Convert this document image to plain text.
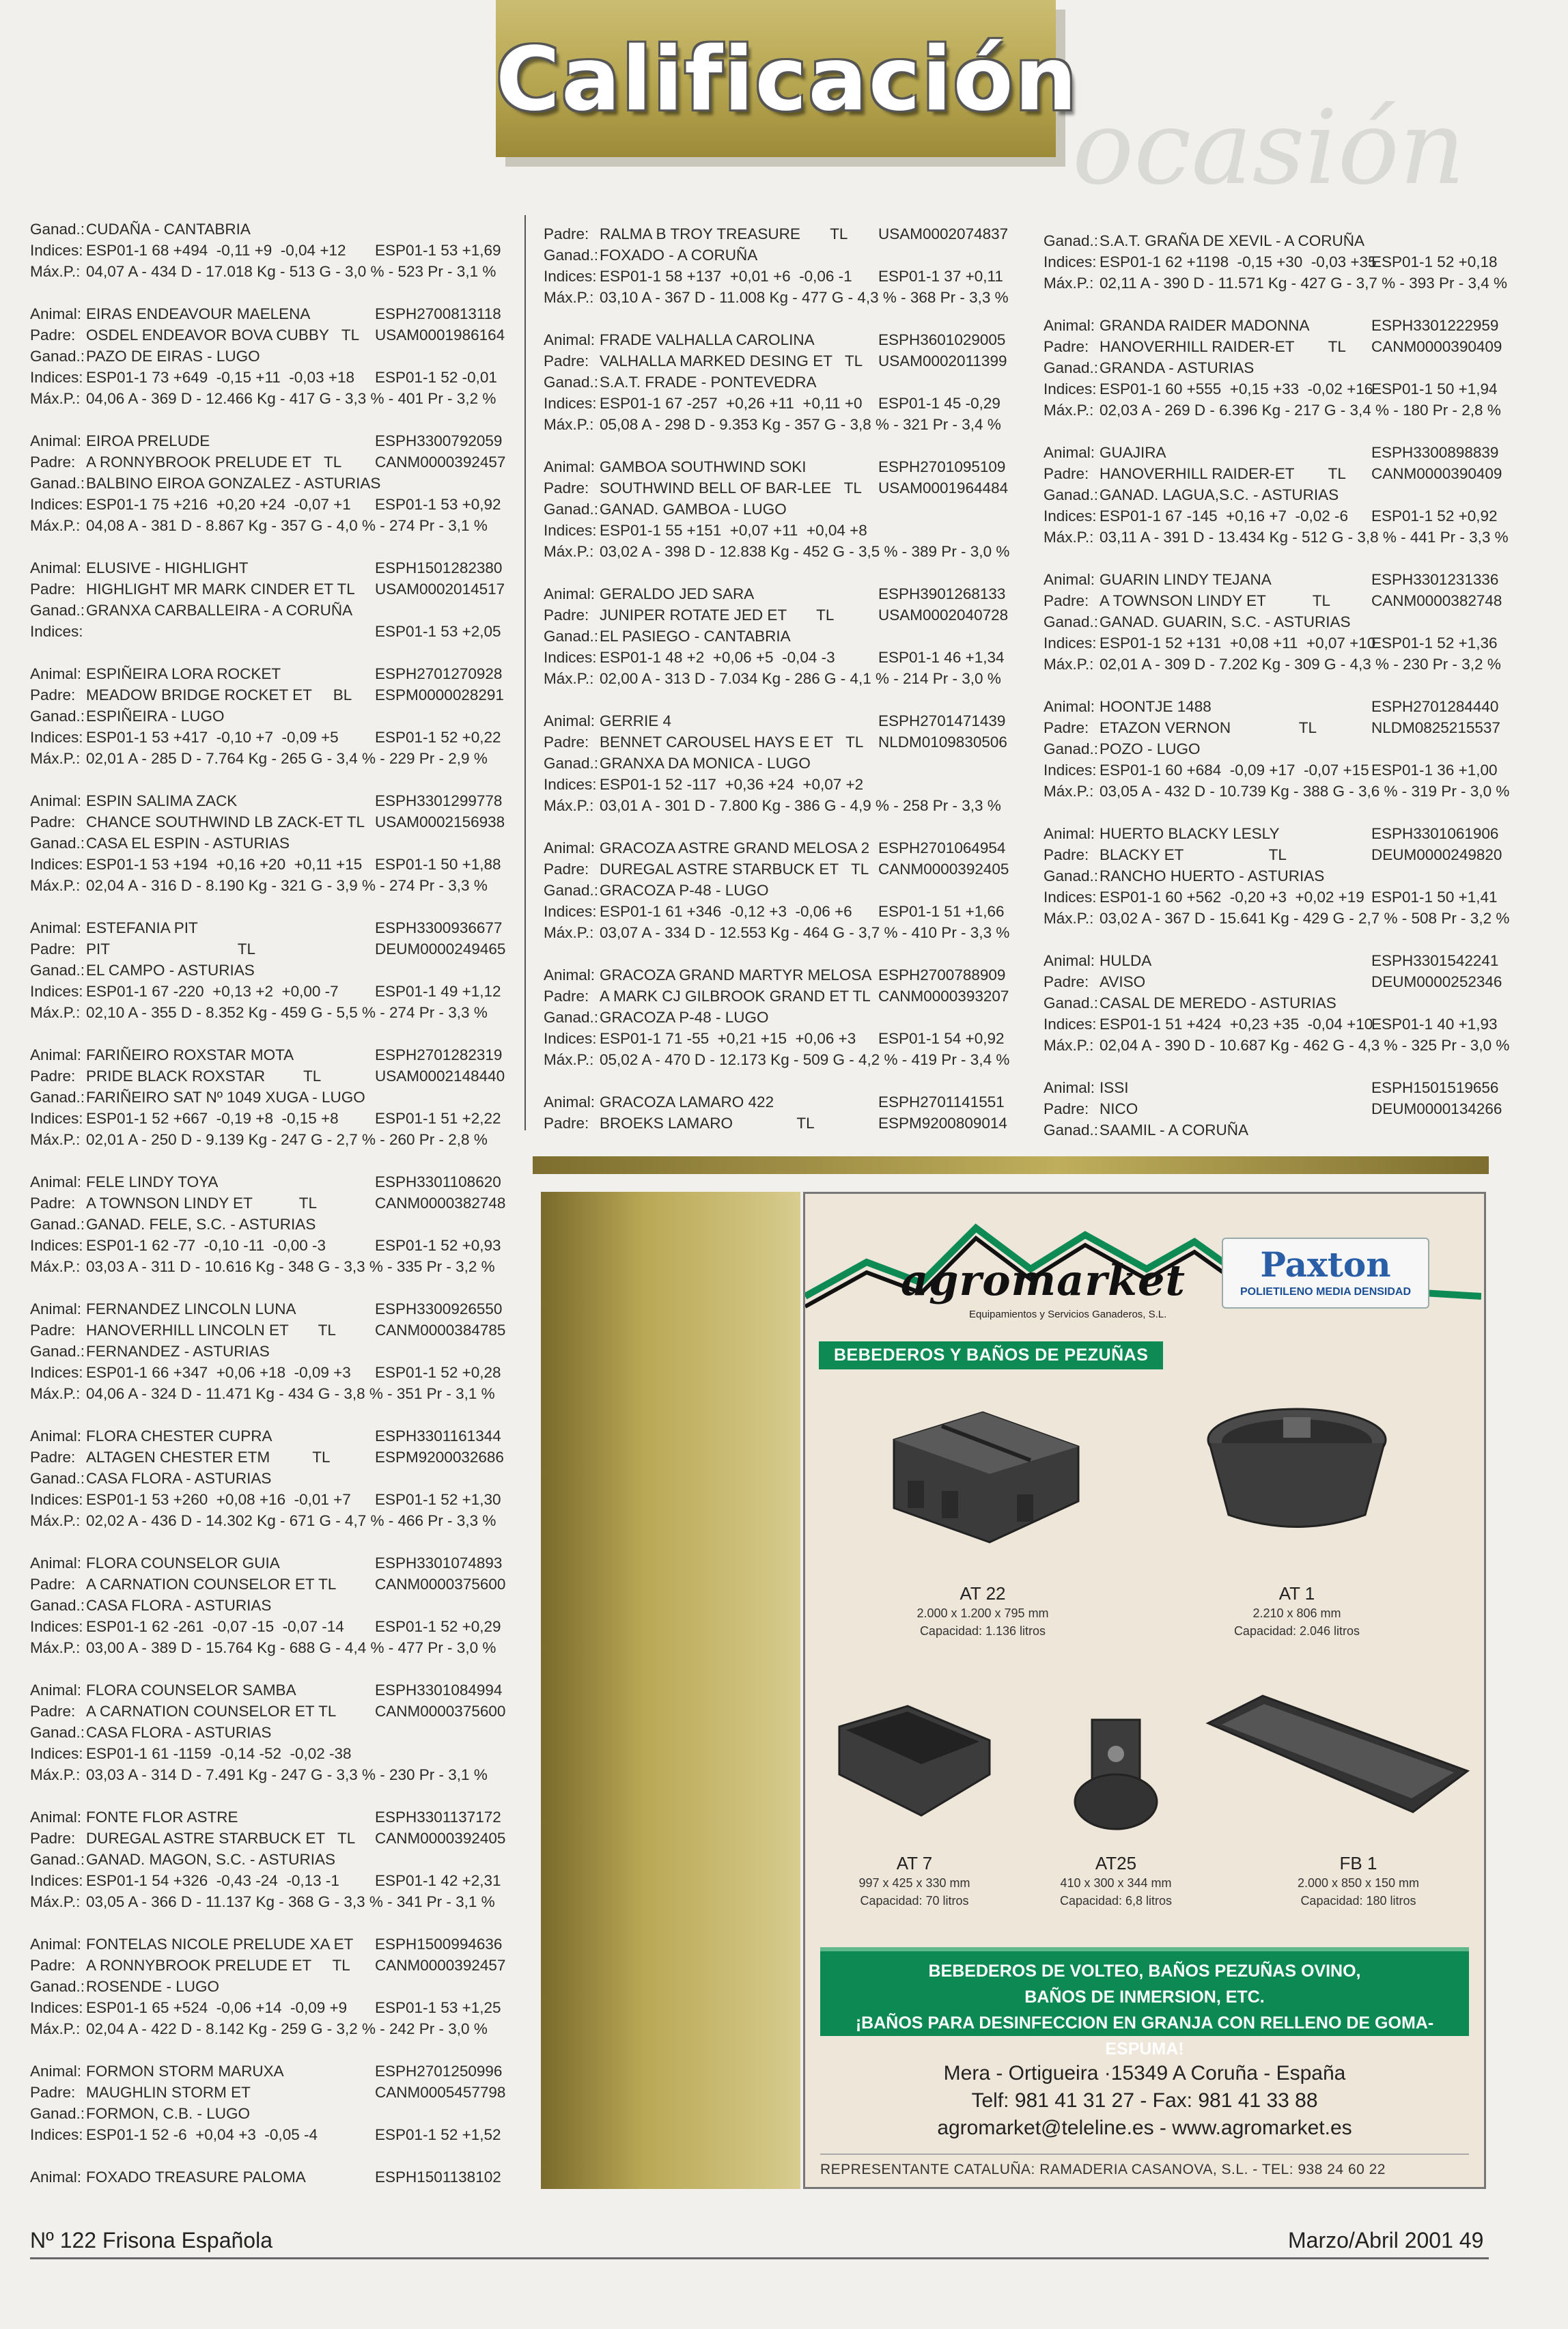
Calificación
ocasión
Ganad.: CUDAÑA - CANTABRIA
Indices: ESP01-1 68 +494  -0,11 +9  -0,04 +12 ESP01-1 53 +1,69
Máx.P.: 04,07 A - 434 D - 17.018 Kg - 513 G - 3,0 % - 523 Pr - 3,1 %
Animal: EIRAS ENDEAVOUR MAELENA	ESPH2700813118
Padre: OSDEL ENDEAVOR BOVA CUBBY   TL USAM0001986164
Ganad.: PAZO DE EIRAS - LUGO
Indices: ESP01-1 73 +649  -0,15 +11  -0,03 +18 ESP01-1 52 -0,01
Máx.P.: 04,06 A - 369 D - 12.466 Kg - 417 G - 3,3 % - 401 Pr - 3,2 %
Animal: EIROA PRELUDE	ESPH3300792059
Padre: A RONNYBROOK PRELUDE ET   TL CANM0000392457
Ganad.: BALBINO EIROA GONZALEZ - ASTURIAS
Indices: ESP01-1 75 +216  +0,20 +24  -0,07 +1 ESP01-1 53 +0,92
Máx.P.: 04,08 A - 381 D - 8.867 Kg - 357 G - 4,0 % - 274 Pr - 3,1 %
Animal: ELUSIVE - HIGHLIGHT	ESPH1501282380
Padre: HIGHLIGHT MR MARK CINDER ET TL USAM0002014517
Ganad.: GRANXA CARBALLEIRA - A CORUÑA
Indices:	ESP01-1 53 +2,05
Animal: ESPIÑEIRA LORA ROCKET	ESPH2701270928
Padre: MEADOW BRIDGE ROCKET ET     BL ESPM0000028291
Ganad.: ESPIÑEIRA - LUGO
Indices: ESP01-1 53 +417  -0,10 +7  -0,09 +5 ESP01-1 52 +0,22
Máx.P.: 02,01 A - 285 D - 7.764 Kg - 265 G - 3,4 % - 229 Pr - 2,9 %
Animal: ESPIN SALIMA ZACK	ESPH3301299778
Padre: CHANCE SOUTHWIND LB ZACK-ET TL USAM0002156938
Ganad.: CASA EL ESPIN - ASTURIAS
Indices: ESP01-1 53 +194  +0,16 +20  +0,11 +15 ESP01-1 50 +1,88
Máx.P.: 02,04 A - 316 D - 8.190 Kg - 321 G - 3,9 % - 274 Pr - 3,3 %
Animal: ESTEFANIA PIT	ESPH3300936677
Padre: PIT                              TL	DEUM0000249465
Ganad.: EL CAMPO - ASTURIAS
Indices: ESP01-1 67 -220  +0,13 +2  +0,00 -7 ESP01-1 49 +1,12
Máx.P.: 02,10 A - 355 D - 8.352 Kg - 459 G - 5,5 % - 274 Pr - 3,3 %
Animal: FARIÑEIRO ROXSTAR MOTA	ESPH2701282319
Padre: PRIDE BLACK ROXSTAR         TL	USAM0002148440
Ganad.: FARIÑEIRO SAT Nº 1049 XUGA - LUGO
Indices: ESP01-1 52 +667  -0,19 +8  -0,15 +8 ESP01-1 51 +2,22
Máx.P.: 02,01 A - 250 D - 9.139 Kg - 247 G - 2,7 % - 260 Pr - 2,8 %
Animal: FELE LINDY TOYA	ESPH3301108620
Padre: A TOWNSON LINDY ET           TL	CANM0000382748
Ganad.: GANAD. FELE, S.C. - ASTURIAS
Indices: ESP01-1 62 -77  -0,10 -11  -0,00 -3	ESP01-1 52 +0,93
Máx.P.: 03,03 A - 311 D - 10.616 Kg - 348 G - 3,3 % - 335 Pr - 3,2 %
Animal: FERNANDEZ LINCOLN LUNA	ESPH3300926550
Padre: HANOVERHILL LINCOLN ET       TL	CANM0000384785
Ganad.: FERNANDEZ - ASTURIAS
Indices: ESP01-1 66 +347  +0,06 +18  -0,09 +3 ESP01-1 52 +0,28
Máx.P.: 04,06 A - 324 D - 11.471 Kg - 434 G - 3,8 % - 351 Pr - 3,1 %
Animal: FLORA CHESTER CUPRA	ESPH3301161344
Padre: ALTAGEN CHESTER ETM          TL	ESPM9200032686
Ganad.: CASA FLORA - ASTURIAS
Indices: ESP01-1 53 +260  +0,08 +16  -0,01 +7 ESP01-1 52 +1,30
Máx.P.: 02,02 A - 436 D - 14.302 Kg - 671 G - 4,7 % - 466 Pr - 3,3 %
Animal: FLORA COUNSELOR GUIA	ESPH3301074893
Padre: A CARNATION COUNSELOR ET TL	CANM0000375600
Ganad.: CASA FLORA - ASTURIAS
Indices: ESP01-1 62 -261  -0,07 -15  -0,07 -14 ESP01-1 52 +0,29
Máx.P.: 03,00 A - 389 D - 15.764 Kg - 688 G - 4,4 % - 477 Pr - 3,0 %
Animal: FLORA COUNSELOR SAMBA	ESPH3301084994
Padre: A CARNATION COUNSELOR ET TL	CANM0000375600
Ganad.: CASA FLORA - ASTURIAS
Indices: ESP01-1 61 -1159  -0,14 -52  -0,02 -38
Máx.P.: 03,03 A - 314 D - 7.491 Kg - 247 G - 3,3 % - 230 Pr - 3,1 %
Animal: FONTE FLOR ASTRE	ESPH3301137172
Padre: DUREGAL ASTRE STARBUCK ET   TL CANM0000392405
Ganad.: GANAD. MAGON, S.C. - ASTURIAS
Indices: ESP01-1 54 +326  -0,43 -24  -0,13 -1 ESP01-1 42 +2,31
Máx.P.: 03,05 A - 366 D - 11.137 Kg - 368 G - 3,3 % - 341 Pr - 3,1 %
Animal: FONTELAS NICOLE PRELUDE XA ET ESPH1500994636
Padre: A RONNYBROOK PRELUDE ET     TL CANM0000392457
Ganad.: ROSENDE - LUGO
Indices: ESP01-1 65 +524  -0,06 +14  -0,09 +9 ESP01-1 53 +1,25
Máx.P.: 02,04 A - 422 D - 8.142 Kg - 259 G - 3,2 % - 242 Pr - 3,0 %
Animal: FORMON STORM MARUXA	ESPH2701250996
Padre: MAUGHLIN STORM ET	CANM0005457798
Ganad.: FORMON, C.B. - LUGO
Indices: ESP01-1 52 -6  +0,04 +3  -0,05 -4	ESP01-1 52 +1,52
Animal: FOXADO TREASURE PALOMA	ESPH1501138102
Padre: RALMA B TROY TREASURE       TL USAM0002074837
Ganad.: FOXADO - A CORUÑA
Indices: ESP01-1 58 +137  +0,01 +6  -0,06 -1 ESP01-1 37 +0,11
Máx.P.: 03,10 A - 367 D - 11.008 Kg - 477 G - 4,3 % - 368 Pr - 3,3 %
Animal: FRADE VALHALLA CAROLINA	ESPH3601029005
Padre: VALHALLA MARKED DESING ET   TL USAM0002011399
Ganad.: S.A.T. FRADE - PONTEVEDRA
Indices: ESP01-1 67 -257  +0,26 +11  +0,11 +0 ESP01-1 45 -0,29
Máx.P.: 05,08 A - 298 D - 9.353 Kg - 357 G - 3,8 % - 321 Pr - 3,4 %
Animal: GAMBOA SOUTHWIND SOKI	ESPH2701095109
Padre: SOUTHWIND BELL OF BAR-LEE   TL USAM0001964484
Ganad.: GANAD. GAMBOA - LUGO
Indices: ESP01-1 55 +151  +0,07 +11  +0,04 +8
Máx.P.: 03,02 A - 398 D - 12.838 Kg - 452 G - 3,5 % - 389 Pr - 3,0 %
Animal: GERALDO JED SARA	ESPH3901268133
Padre: JUNIPER ROTATE JED ET       TL	USAM0002040728
Ganad.: EL PASIEGO - CANTABRIA
Indices: ESP01-1 48 +2  +0,06 +5  -0,04 -3	ESP01-1 46 +1,34
Máx.P.: 02,00 A - 313 D - 7.034 Kg - 286 G - 4,1 % - 214 Pr - 3,0 %
Animal: GERRIE 4	ESPH2701471439
Padre: BENNET CAROUSEL HAYS E ET   TL NLDM0109830506
Ganad.: GRANXA DA MONICA - LUGO
Indices: ESP01-1 52 -117  +0,36 +24  +0,07 +2
Máx.P.: 03,01 A - 301 D - 7.800 Kg - 386 G - 4,9 % - 258 Pr - 3,3 %
Animal: GRACOZA ASTRE GRAND MELOSA 2 ESPH2701064954
Padre: DUREGAL ASTRE STARBUCK ET   TL CANM0000392405
Ganad.: GRACOZA P-48 - LUGO
Indices: ESP01-1 61 +346  -0,12 +3  -0,06 +6 ESP01-1 51 +1,66
Máx.P.: 03,07 A - 334 D - 12.553 Kg - 464 G - 3,7 % - 410 Pr - 3,3 %
Animal: GRACOZA GRAND MARTYR MELOSA ESPH2700788909
Padre: A MARK CJ GILBROOK GRAND ET TL CANM0000393207
Ganad.: GRACOZA P-48 - LUGO
Indices: ESP01-1 71 -55  +0,21 +15  +0,06 +3 ESP01-1 54 +0,92
Máx.P.: 05,02 A - 470 D - 12.173 Kg - 509 G - 4,2 % - 419 Pr - 3,4 %
Animal: GRACOZA LAMARO 422	ESPH2701141551
Padre: BROEKS LAMARO               TL	ESPM9200809014
Ganad.: S.A.T. GRAÑA DE XEVIL - A CORUÑA
Indices: ESP01-1 62 +1198  -0,15 +30  -0,03 +35
ESP01-1 52 +0,18
Máx.P.: 02,11 A - 390 D - 11.571 Kg - 427 G - 3,7 % - 393 Pr - 3,4 %
Animal: GRANDA RAIDER MADONNA	ESPH3301222959
Padre: HANOVERHILL RAIDER-ET        TL CANM0000390409
Ganad.: GRANDA - ASTURIAS
Indices: ESP01-1 60 +555  +0,15 +33  -0,02 +16
ESP01-1 50 +1,94
Máx.P.: 02,03 A - 269 D - 6.396 Kg - 217 G - 3,4 % - 180 Pr - 2,8 %
Animal: GUAJIRA	ESPH3300898839
Padre: HANOVERHILL RAIDER-ET        TL CANM0000390409
Ganad.: GANAD. LAGUA,S.C. - ASTURIAS
Indices: ESP01-1 67 -145  +0,16 +7  -0,02 -6 ESP01-1 52 +0,92
Máx.P.: 03,11 A - 391 D - 13.434 Kg - 512 G - 3,8 % - 441 Pr - 3,3 %
Animal: GUARIN LINDY TEJANA	ESPH3301231336
Padre: A TOWNSON LINDY ET           TL	CANM0000382748
Ganad.: GANAD. GUARIN, S.C. - ASTURIAS
Indices: ESP01-1 52 +131  +0,08 +11  +0,07 +10
ESP01-1 52 +1,36
Máx.P.: 02,01 A - 309 D - 7.202 Kg - 309 G - 4,3 % - 230 Pr - 3,2 %
Animal: HOONTJE 1488	ESPH2701284440
Padre: ETAZON VERNON                TL	NLDM0825215537
Ganad.: POZO - LUGO
Indices: ESP01-1 60 +684  -0,09 +17  -0,07 +15 ESP01-1 36 +1,00
Máx.P.: 03,05 A - 432 D - 10.739 Kg - 388 G - 3,6 % - 319 Pr - 3,0 %
Animal: HUERTO BLACKY LESLY	ESPH3301061906
Padre: BLACKY ET                    TL	DEUM0000249820
Ganad.: RANCHO HUERTO - ASTURIAS
Indices: ESP01-1 60 +562  -0,20 +3  +0,02 +19 ESP01-1 50 +1,41
Máx.P.: 03,02 A - 367 D - 15.641 Kg - 429 G - 2,7 % - 508 Pr - 3,2 %
Animal: HULDA	ESPH3301542241
Padre: AVISO	DEUM0000252346
Ganad.: CASAL DE MEREDO - ASTURIAS
Indices: ESP01-1 51 +424  +0,23 +35  -0,04 +10
ESP01-1 40 +1,93
Máx.P.: 02,04 A - 390 D - 10.687 Kg - 462 G - 4,3 % - 325 Pr - 3,0 %
Animal: ISSI	ESPH1501519656
Padre: NICO	DEUM0000134266
Ganad.: SAAMIL - A CORUÑA
agromarket
Equipamientos y Servicios Ganaderos, S.L.
Paxton
POLIETILENO MEDIA DENSIDAD
BEBEDEROS Y BAÑOS DE PEZUÑAS
AT 22
2.000 x 1.200 x 795 mm
Capacidad: 1.136 litros
AT 1
2.210 x 806 mm
Capacidad: 2.046 litros
AT 7
997 x 425 x 330 mm
Capacidad: 70 litros
AT25
410 x 300 x 344 mm
Capacidad: 6,8 litros
FB 1
2.000 x 850 x 150 mm
Capacidad: 180 litros
BEBEDEROS DE VOLTEO, BAÑOS PEZUÑAS OVINO,
BAÑOS DE INMERSION, ETC.
¡BAÑOS PARA DESINFECCION EN GRANJA CON RELLENO DE GOMA-ESPUMA!
Mera - Ortigueira ·15349 A Coruña - España
Telf: 981 41 31 27 - Fax: 981 41 33 88
agromarket@teleline.es - www.agromarket.es
REPRESENTANTE CATALUÑA: RAMADERIA CASANOVA, S.L. - TEL: 938 24 60 22
Nº 122 Frisona Española	Marzo/Abril 2001 49
